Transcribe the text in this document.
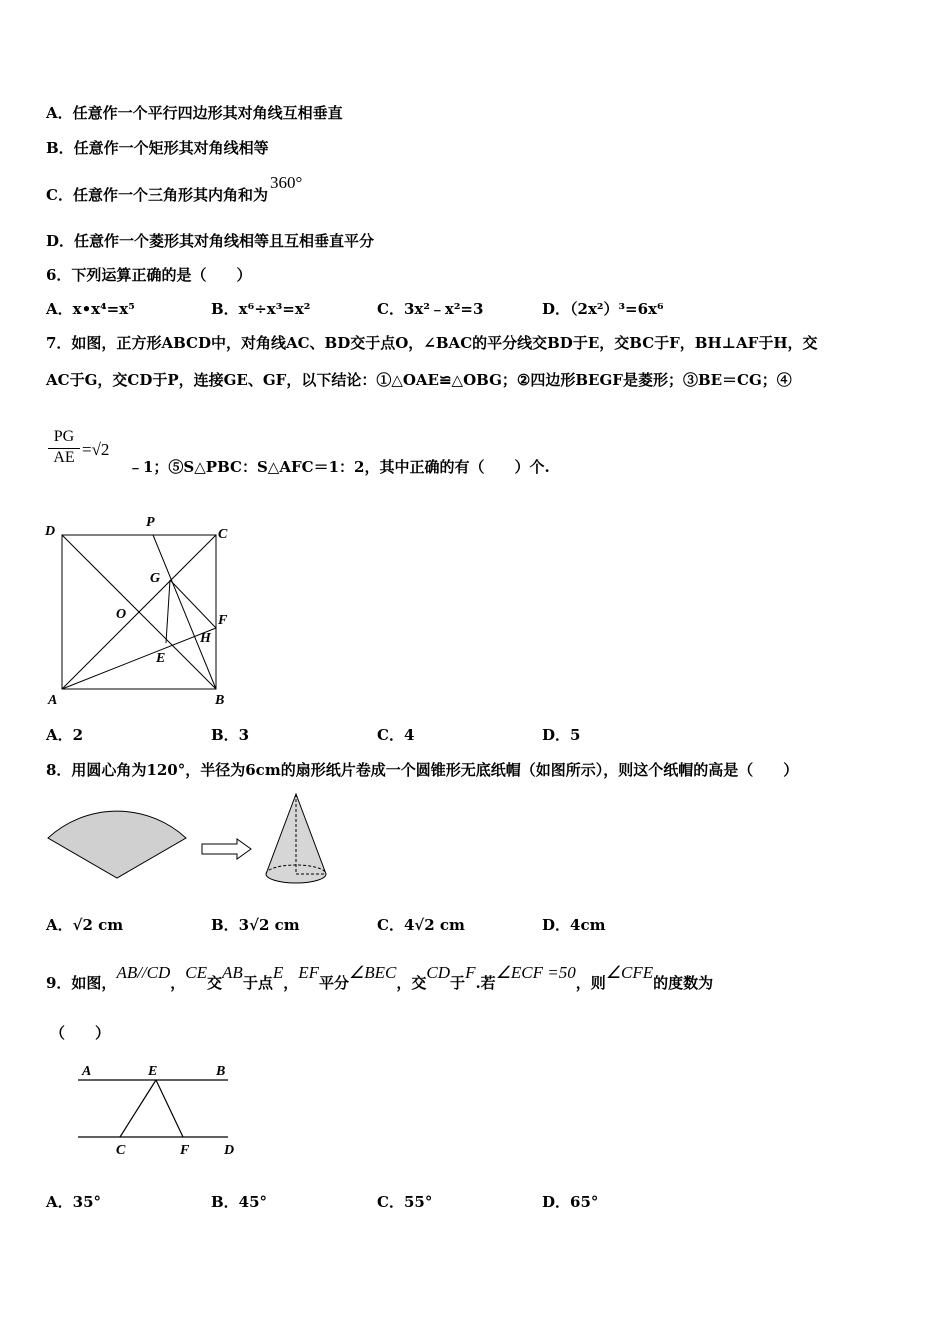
A．任意作一个平行四边形其对角线互相垂直
B．任意作一个矩形其对角线相等
C．任意作一个三角形其内角和为360°
D．任意作一个菱形其对角线相等且互相垂直平分
6．下列运算正确的是（　　）
A．x•x⁴=x⁵	B．x⁶÷x³=x²	C．3x²﹣x²=3	D．（2x²）³=6x⁶
7．如图，正方形ABCD中，对角线AC、BD交于点O，∠BAC的平分线交BD于E，交BC于F，BH⊥AF于H，交
AC于G，交CD于P，连接GE、GF，以下结论：①△OAE≌△OBG；②四边形BEGF是菱形；③BE＝CG；④
$\frac{PG}{AE} =√2$
﹣1；⑤S△PBC：S△AFC＝1：2，其中正确的有（　　）个.
D
P
C
G
O	F
H
E
A	B
A．2	B．3	C．4	D．5
8．用圆心角为120°，半径为6cm的扇形纸片卷成一个圆锥形无底纸帽（如图所示），则这个纸帽的高是（　　）
A．√2 cm	B．3√2 cm	C．4√2 cm	D．4cm
9．如图，AB//CD，CE交AB于点E，EF平分∠BEC，交CD于F.若∠ECF =50，则∠CFE的度数为
（　　）
A	E	B
C	F D
A．35°	B．45°	C．55°	D．65°
